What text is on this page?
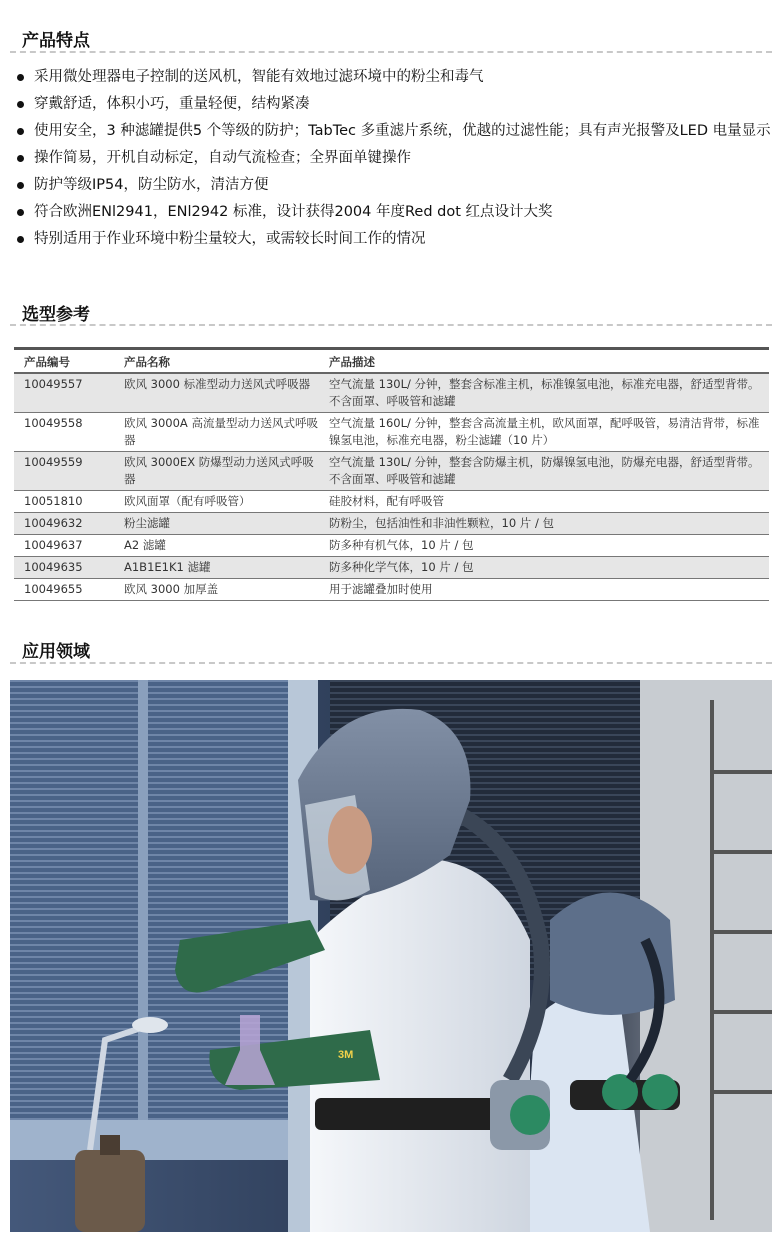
产品特点
采用微处理器电子控制的送风机，智能有效地过滤环境中的粉尘和毒气
穿戴舒适，体积小巧，重量轻便，结构紧凑
使用安全，3 种滤罐提供5 个等级的防护；TabTec 多重滤片系统，优越的过滤性能；具有声光报警及LED 电量显示
操作简易，开机自动标定，自动气流检查；全界面单键操作
防护等级IP54，防尘防水，清洁方便
符合欧洲ENl2941，ENl2942 标准，设计获得2004 年度Red dot 红点设计大奖
特别适用于作业环境中粉尘量较大，或需较长时间工作的情况
选型参考
产品编号	产品名称	产品描述
10049557	欧风 3000 标准型动力送风式呼吸器	空气流量 130L/ 分钟，整套含标准主机，标准镍氢电池，标准充电器，舒适型背带。不含面罩、呼吸管和滤罐
10049558	欧风 3000A 高流量型动力送风式呼吸器	空气流量 160L/ 分钟，整套含高流量主机，欧风面罩，配呼吸管，易清洁背带，标准镍氢电池，标准充电器，粉尘滤罐（10 片）
10049559	欧风 3000EX 防爆型动力送风式呼吸器	空气流量 130L/ 分钟，整套含防爆主机，防爆镍氢电池，防爆充电器，舒适型背带。不含面罩、呼吸管和滤罐
10051810	欧风面罩（配有呼吸管）	硅胶材料，配有呼吸管
10049632	粉尘滤罐	防粉尘，包括油性和非油性颗粒，10 片 / 包
10049637	A2 滤罐	防多种有机气体，10 片 / 包
10049635	A1B1E1K1 滤罐	防多种化学气体，10 片 / 包
10049655	欧风 3000 加厚盖	用于滤罐叠加时使用
应用领域
3M
